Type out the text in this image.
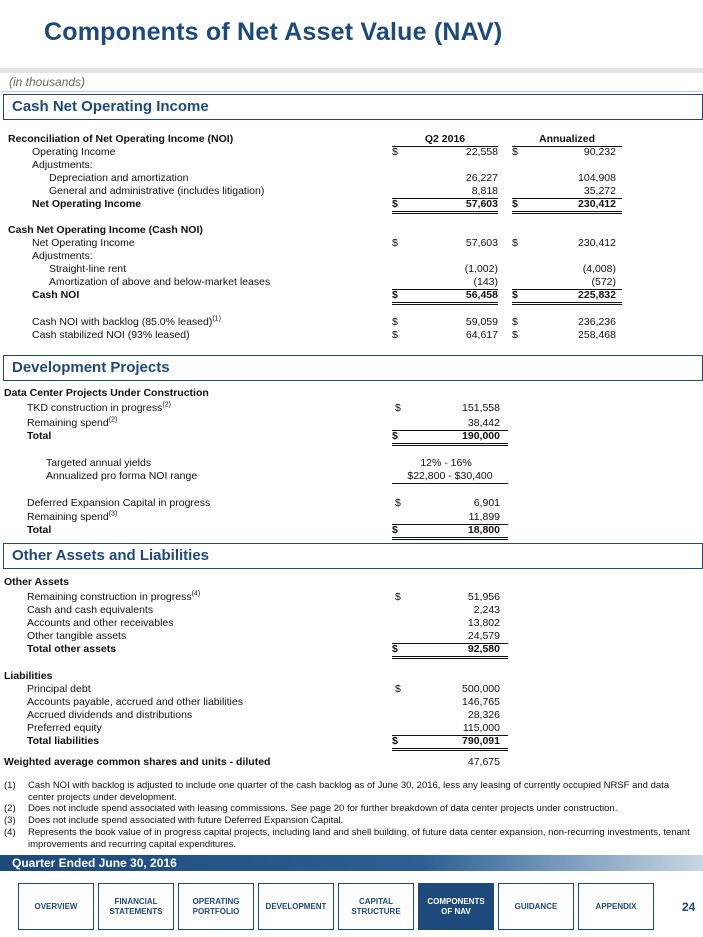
Components of Net Asset Value (NAV)
(in thousands)
Cash Net Operating Income
Reconciliation of Net Operating Income (NOI)	Q2 2016	Annualized
Operating Income	$	22,558 $	90,232
Adjustments:
Depreciation and amortization	26,227	104,908
General and administrative (includes litigation)	8,818	35,272
Net Operating Income	$	57,603 $	230,412
Cash Net Operating Income (Cash NOI)
Net Operating Income	$	57,603 $	230,412
Adjustments:
Straight-line rent	(1,002)	(4,008)
Amortization of above and below-market leases	(143)	(572)
Cash NOI	$	56,458 $	225,832
Cash NOI with backlog (85.0% leased)$^{(1)}$	$	59,059 $	236,236
Cash stabilized NOI (93% leased)	$	64,617 $	258,468
Development Projects
Data Center Projects Under Construction
TKD construction in progress$^{(2)}$	$	151,558
Remaining spend$^{(2)}$	38,442
Total	$	190,000
Targeted annual yields	12% - 16%
Annualized pro forma NOI range	$22,800 - $30,400
Deferred Expansion Capital in progress	$	6,901
Remaining spend$^{(3)}$	11,899
Total	$	18,800
Other Assets and Liabilities
Other Assets
Remaining construction in progress$^{(4)}$	$	51,956
Cash and cash equivalents	2,243
Accounts and other receivables	13,802
Other tangible assets	24,579
Total other assets	$	92,580
Liabilities
Principal debt	$	500,000
Accounts payable, accrued and other liabilities	146,765
Accrued dividends and distributions	28,326
Preferred equity	115,000
Total liabilities	$	790,091
Weighted average common shares and units - diluted	47,675
(1) Cash NOI with backlog is adjusted to include one quarter of the cash backlog as of June 30, 2016, less any leasing of currently occupied NRSF and data center projects under development.
(2) Does not include spend associated with leasing commissions. See page 20 for further breakdown of data center projects under construction.
(3) Does not include spend associated with future Deferred Expansion Capital.
(4) Represents the book value of in progress capital projects, including land and shell building, of future data center expansion, non-recurring investments, tenant improvements and recurring capital expenditures.
Quarter Ended June 30, 2016
OVERVIEW
FINANCIAL STATEMENTS
OPERATING PORTFOLIO
DEVELOPMENT
CAPITAL STRUCTURE
COMPONENTS OF NAV
GUIDANCE	APPENDIX	24
